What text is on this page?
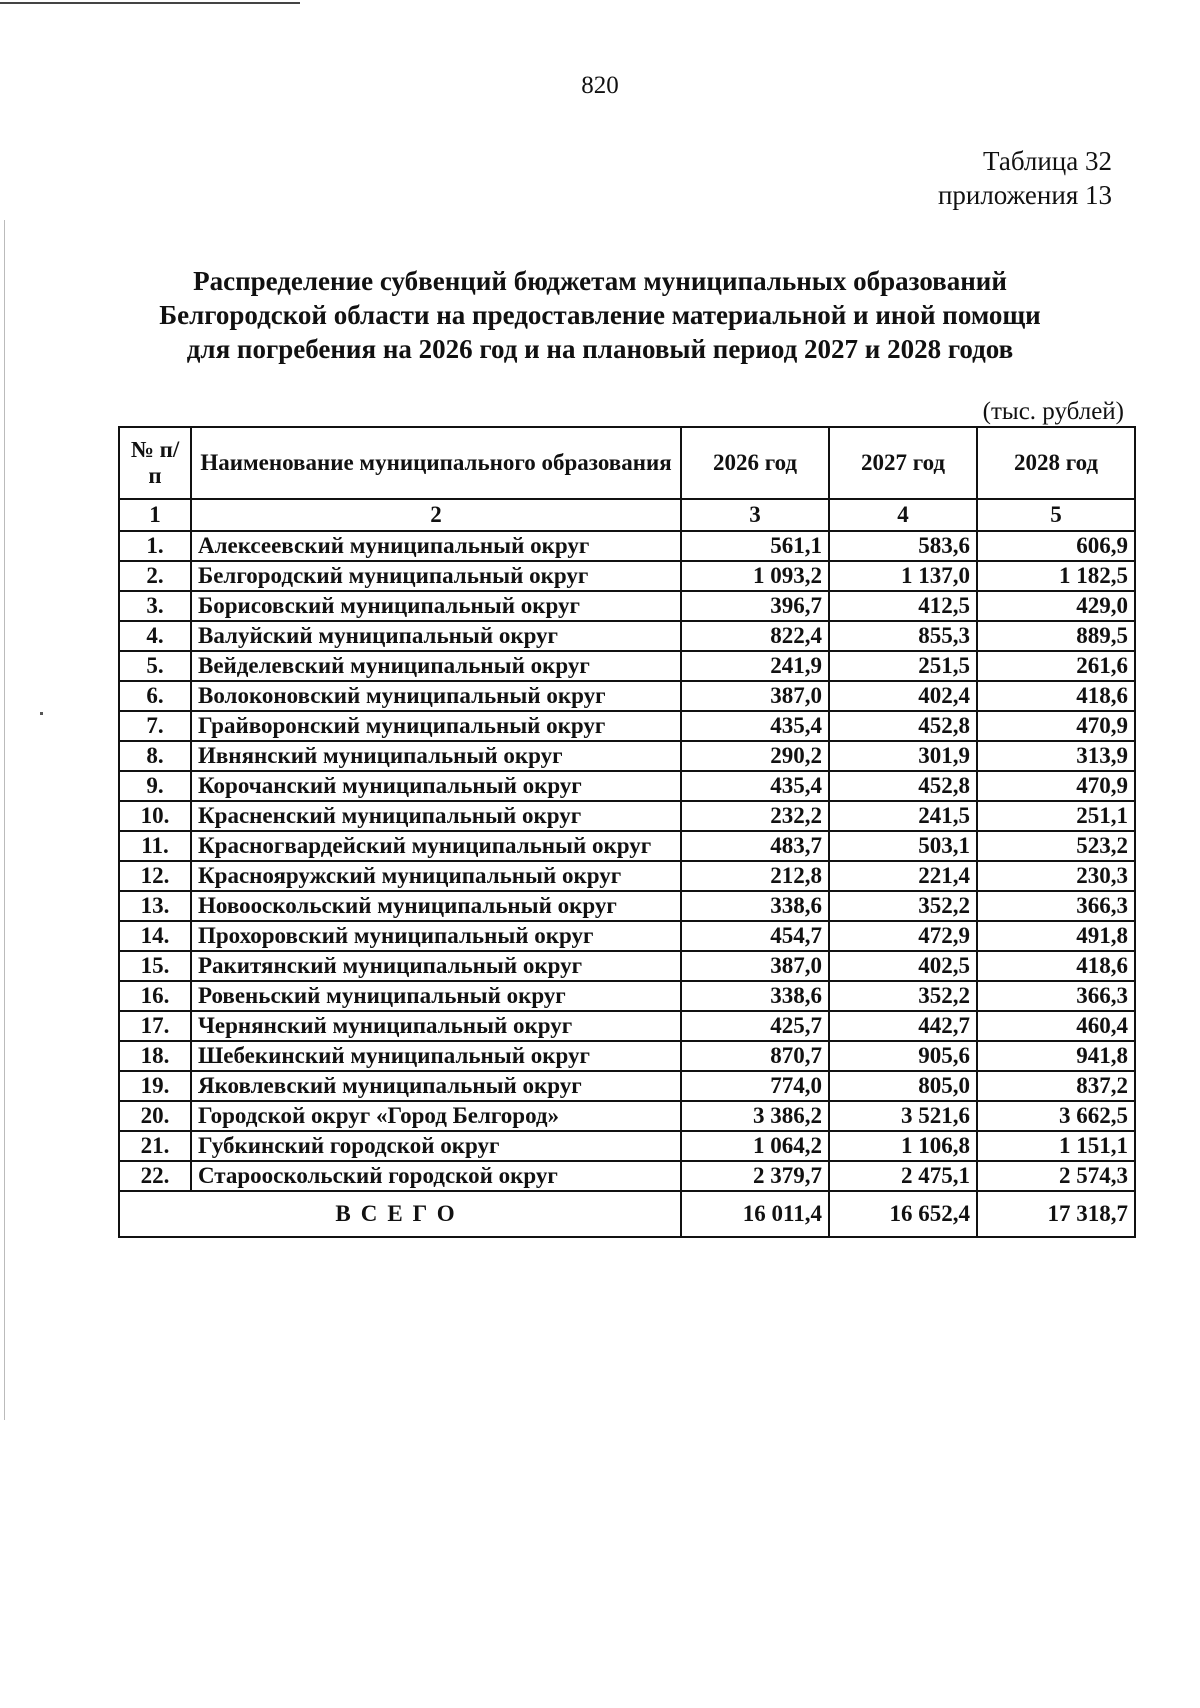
820
Таблица 32
приложения 13
Распределение субвенций бюджетам муниципальных образований
Белгородской области на предоставление материальной и иной помощи
для погребения на 2026 год и на плановый период 2027 и 2028 годов
(тыс. рублей)
№ п/п	Наименование муниципального образования	2026 год	2027 год	2028 год
1	2	3	4	5
1.	Алексеевский муниципальный округ	561,1	583,6	606,9
2.	Белгородский муниципальный округ	1 093,2	1 137,0	1 182,5
3.	Борисовский муниципальный округ	396,7	412,5	429,0
4.	Валуйский муниципальный округ	822,4	855,3	889,5
5.	Вейделевский муниципальный округ	241,9	251,5	261,6
6.	Волоконовский муниципальный округ	387,0	402,4	418,6
7.	Грайворонский муниципальный округ	435,4	452,8	470,9
8.	Ивнянский муниципальный округ	290,2	301,9	313,9
9.	Корочанский муниципальный округ	435,4	452,8	470,9
10.	Красненский муниципальный округ	232,2	241,5	251,1
11.	Красногвардейский муниципальный округ	483,7	503,1	523,2
12.	Краснояружский муниципальный округ	212,8	221,4	230,3
13.	Новооскольский муниципальный округ	338,6	352,2	366,3
14.	Прохоровский муниципальный округ	454,7	472,9	491,8
15.	Ракитянский муниципальный округ	387,0	402,5	418,6
16.	Ровеньский муниципальный округ	338,6	352,2	366,3
17.	Чернянский муниципальный округ	425,7	442,7	460,4
18.	Шебекинский муниципальный округ	870,7	905,6	941,8
19.	Яковлевский муниципальный округ	774,0	805,0	837,2
20.	Городской округ «Город Белгород»	3 386,2	3 521,6	3 662,5
21.	Губкинский городской округ	1 064,2	1 106,8	1 151,1
22.	Старооскольский городской округ	2 379,7	2 475,1	2 574,3
ВСЕГО		16 011,4	16 652,4	17 318,7
